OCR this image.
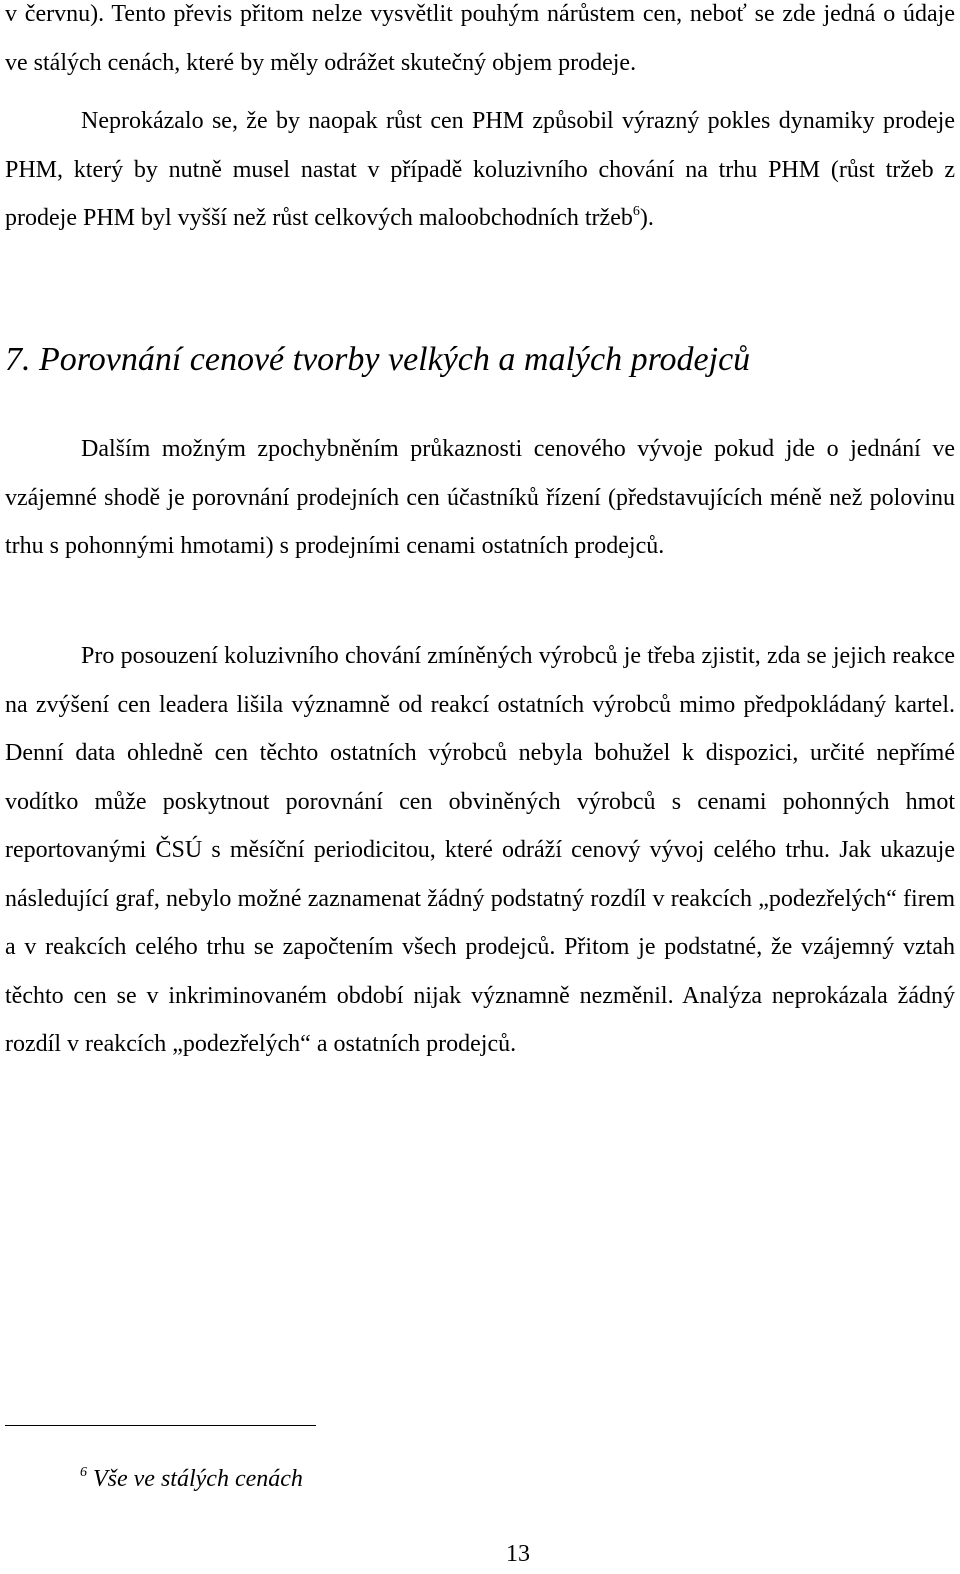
v červnu). Tento převis přitom nelze vysvětlit pouhým nárůstem cen, neboť se zde jedná o údaje ve stálých cenách, které by měly odrážet skutečný objem prodeje.

Neprokázalo se, že by naopak růst cen PHM způsobil výrazný pokles dynamiky prodeje PHM, který by nutně musel nastat v případě koluzivního chování na trhu PHM (růst tržeb z prodeje PHM byl vyšší než růst celkových maloobchodních tržeb$^6$).

7. Porovnání cenové tvorby velkých a malých prodejců

Dalším možným zpochybněním průkaznosti cenového vývoje pokud jde o jednání ve vzájemné shodě je porovnání prodejních cen účastníků řízení (představujících méně než polovinu trhu s pohonnými hmotami) s prodejními cenami ostatních prodejců.

Pro posouzení koluzivního chování zmíněných výrobců je třeba zjistit, zda se jejich reakce na zvýšení cen leadera lišila významně od reakcí ostatních výrobců mimo předpokládaný kartel. Denní data ohledně cen těchto ostatních výrobců nebyla bohužel k dispozici, určité nepřímé vodítko může poskytnout porovnání cen obviněných výrobců s cenami pohonných hmot reportovanými ČSÚ s měsíční periodicitou, které odráží cenový vývoj celého trhu. Jak ukazuje následující graf, nebylo možné zaznamenat žádný podstatný rozdíl v reakcích „podezřelých“ firem a v reakcích celého trhu se započtením všech prodejců. Přitom je podstatné, že vzájemný vztah těchto cen se v inkriminovaném období nijak významně nezměnil. Analýza neprokázala žádný rozdíl v reakcích „podezřelých“ a ostatních prodejců.

$^6$ Vše ve stálých cenách
13
